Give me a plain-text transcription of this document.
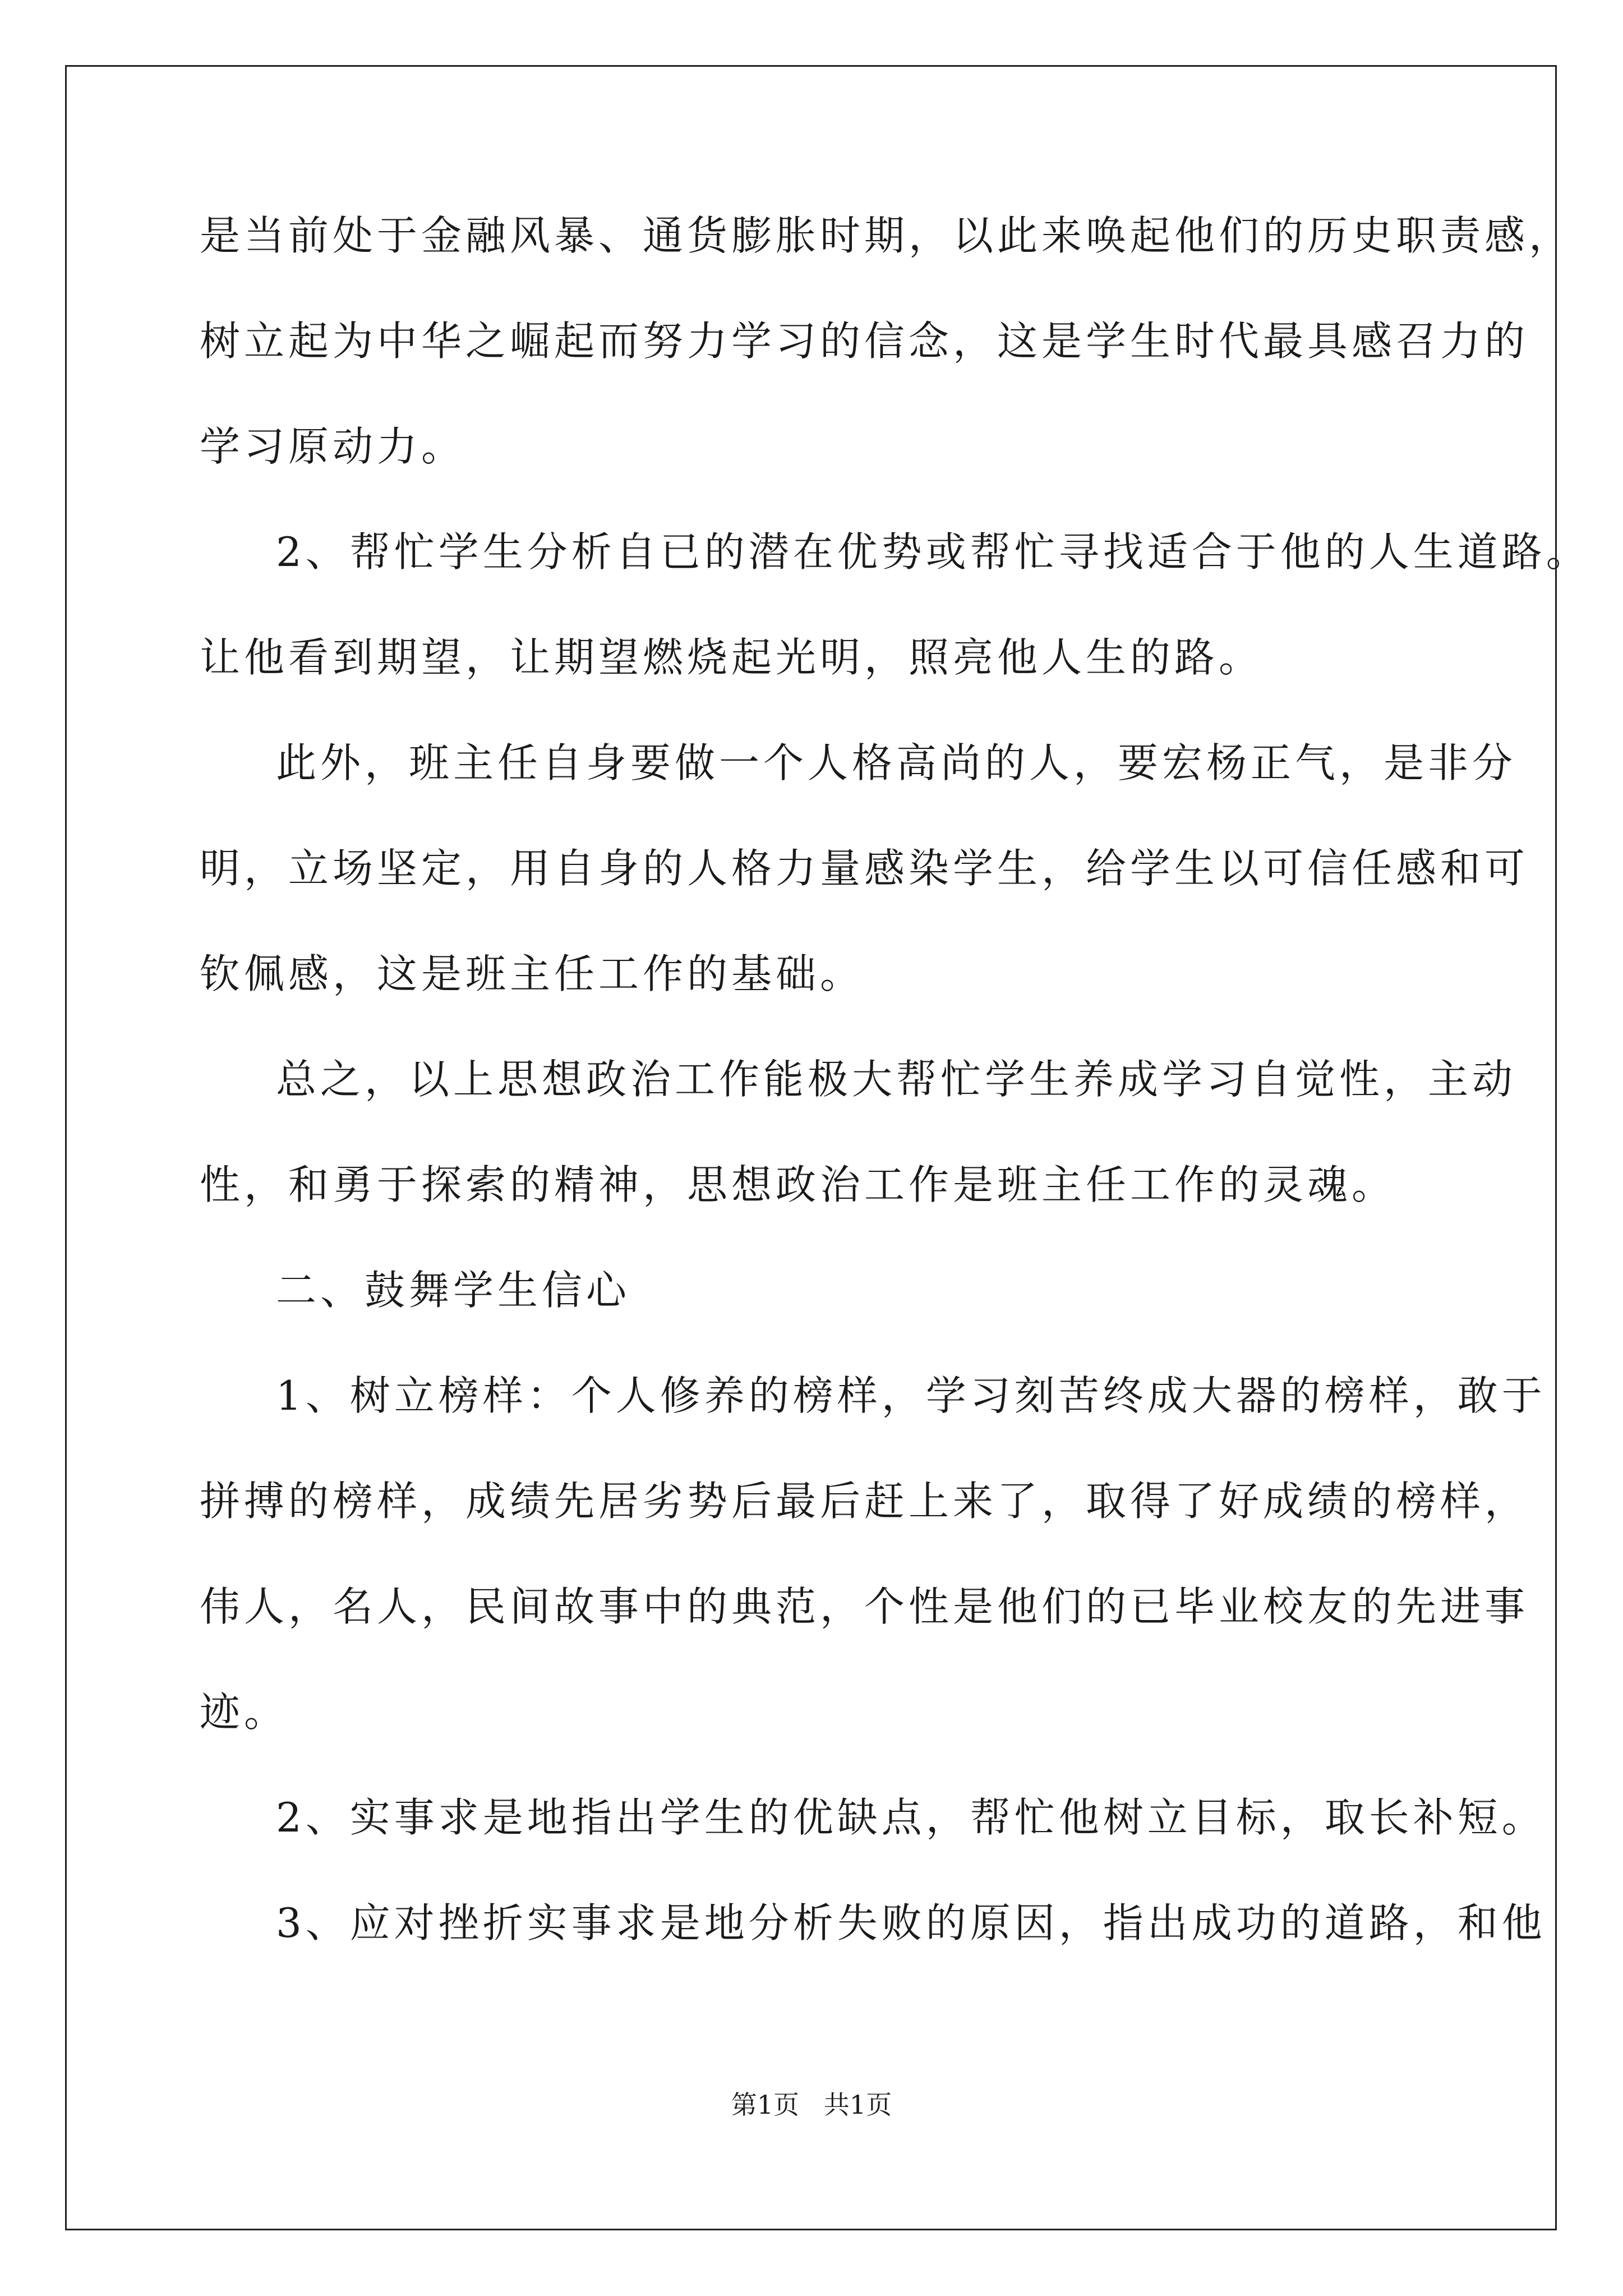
是当前处于金融风暴、通货膨胀时期，以此来唤起他们的历史职责感，
树立起为中华之崛起而努力学习的信念，这是学生时代最具感召力的
学习原动力。
2、帮忙学生分析自已的潜在优势或帮忙寻找适合于他的人生道路。
让他看到期望，让期望燃烧起光明，照亮他人生的路。
此外，班主任自身要做一个人格高尚的人，要宏杨正气，是非分
明，立场坚定，用自身的人格力量感染学生，给学生以可信任感和可
钦佩感，这是班主任工作的基础。
总之，以上思想政治工作能极大帮忙学生养成学习自觉性，主动
性，和勇于探索的精神，思想政治工作是班主任工作的灵魂。
二、鼓舞学生信心
1、树立榜样：个人修养的榜样，学习刻苦终成大器的榜样，敢于
拼搏的榜样，成绩先居劣势后最后赶上来了，取得了好成绩的榜样，
伟人，名人，民间故事中的典范，个性是他们的已毕业校友的先进事
迹。
2、实事求是地指出学生的优缺点，帮忙他树立目标，取长补短。
3、应对挫折实事求是地分析失败的原因，指出成功的道路，和他
第1页   共1页
